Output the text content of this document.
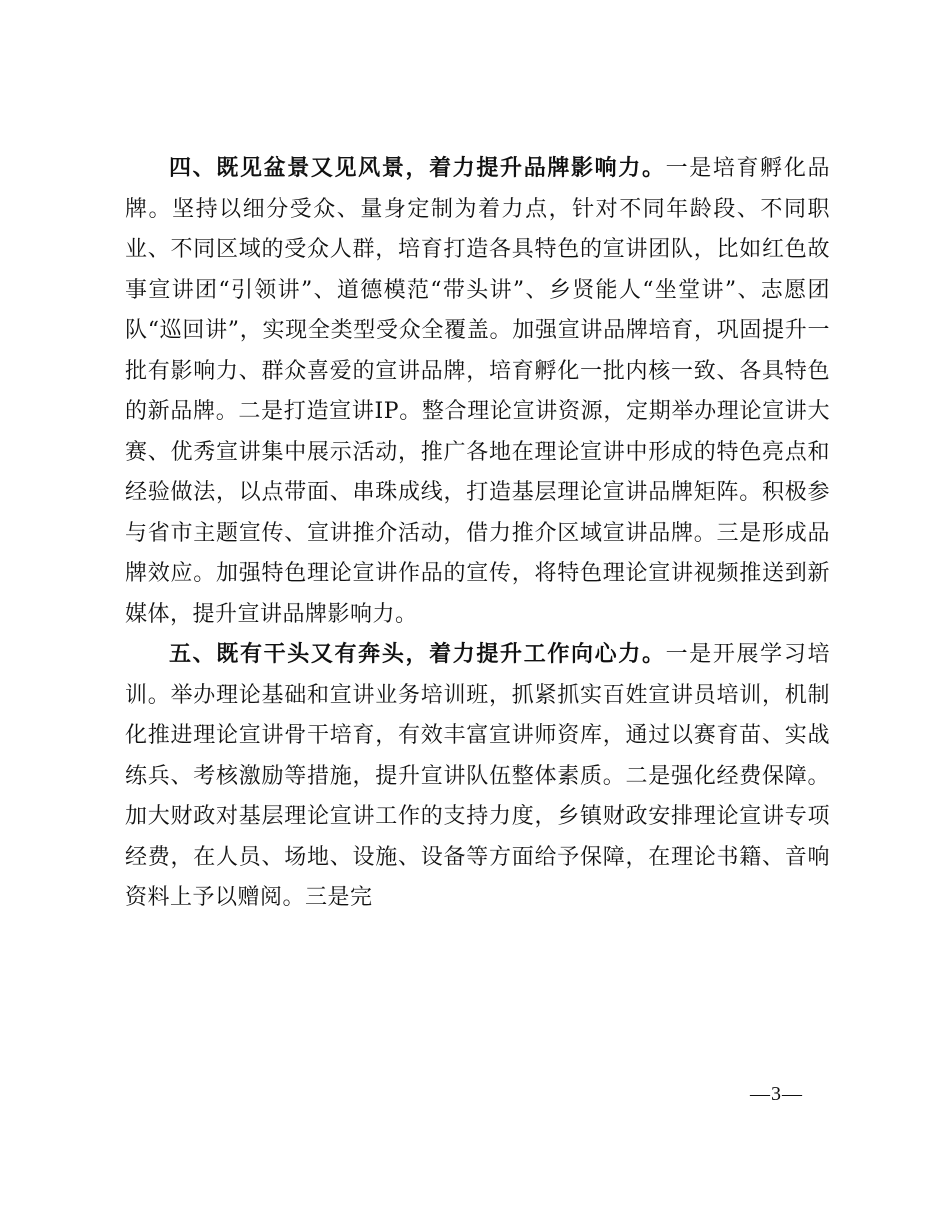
四、既见盆景又见风景，着力提升品牌影响力。一是培育孵化品牌。坚持以细分受众、量身定制为着力点，针对不同年龄段、不同职业、不同区域的受众人群，培育打造各具特色的宣讲团队，比如红色故事宣讲团“引领讲”、道德模范“带头讲”、乡贤能人“坐堂讲”、志愿团队“巡回讲”，实现全类型受众全覆盖。加强宣讲品牌培育，巩固提升一批有影响力、群众喜爱的宣讲品牌，培育孵化一批内核一致、各具特色的新品牌。二是打造宣讲IP。整合理论宣讲资源，定期举办理论宣讲大赛、优秀宣讲集中展示活动，推广各地在理论宣讲中形成的特色亮点和经验做法，以点带面、串珠成线，打造基层理论宣讲品牌矩阵。积极参与省市主题宣传、宣讲推介活动，借力推介区域宣讲品牌。三是形成品牌效应。加强特色理论宣讲作品的宣传，将特色理论宣讲视频推送到新媒体，提升宣讲品牌影响力。

五、既有干头又有奔头，着力提升工作向心力。一是开展学习培训。举办理论基础和宣讲业务培训班，抓紧抓实百姓宣讲员培训，机制化推进理论宣讲骨干培育，有效丰富宣讲师资库，通过以赛育苗、实战练兵、考核激励等措施，提升宣讲队伍整体素质。二是强化经费保障。加大财政对基层理论宣讲工作的支持力度，乡镇财政安排理论宣讲专项经费，在人员、场地、设施、设备等方面给予保障，在理论书籍、音响资料上予以赠阅。三是完

—3—
